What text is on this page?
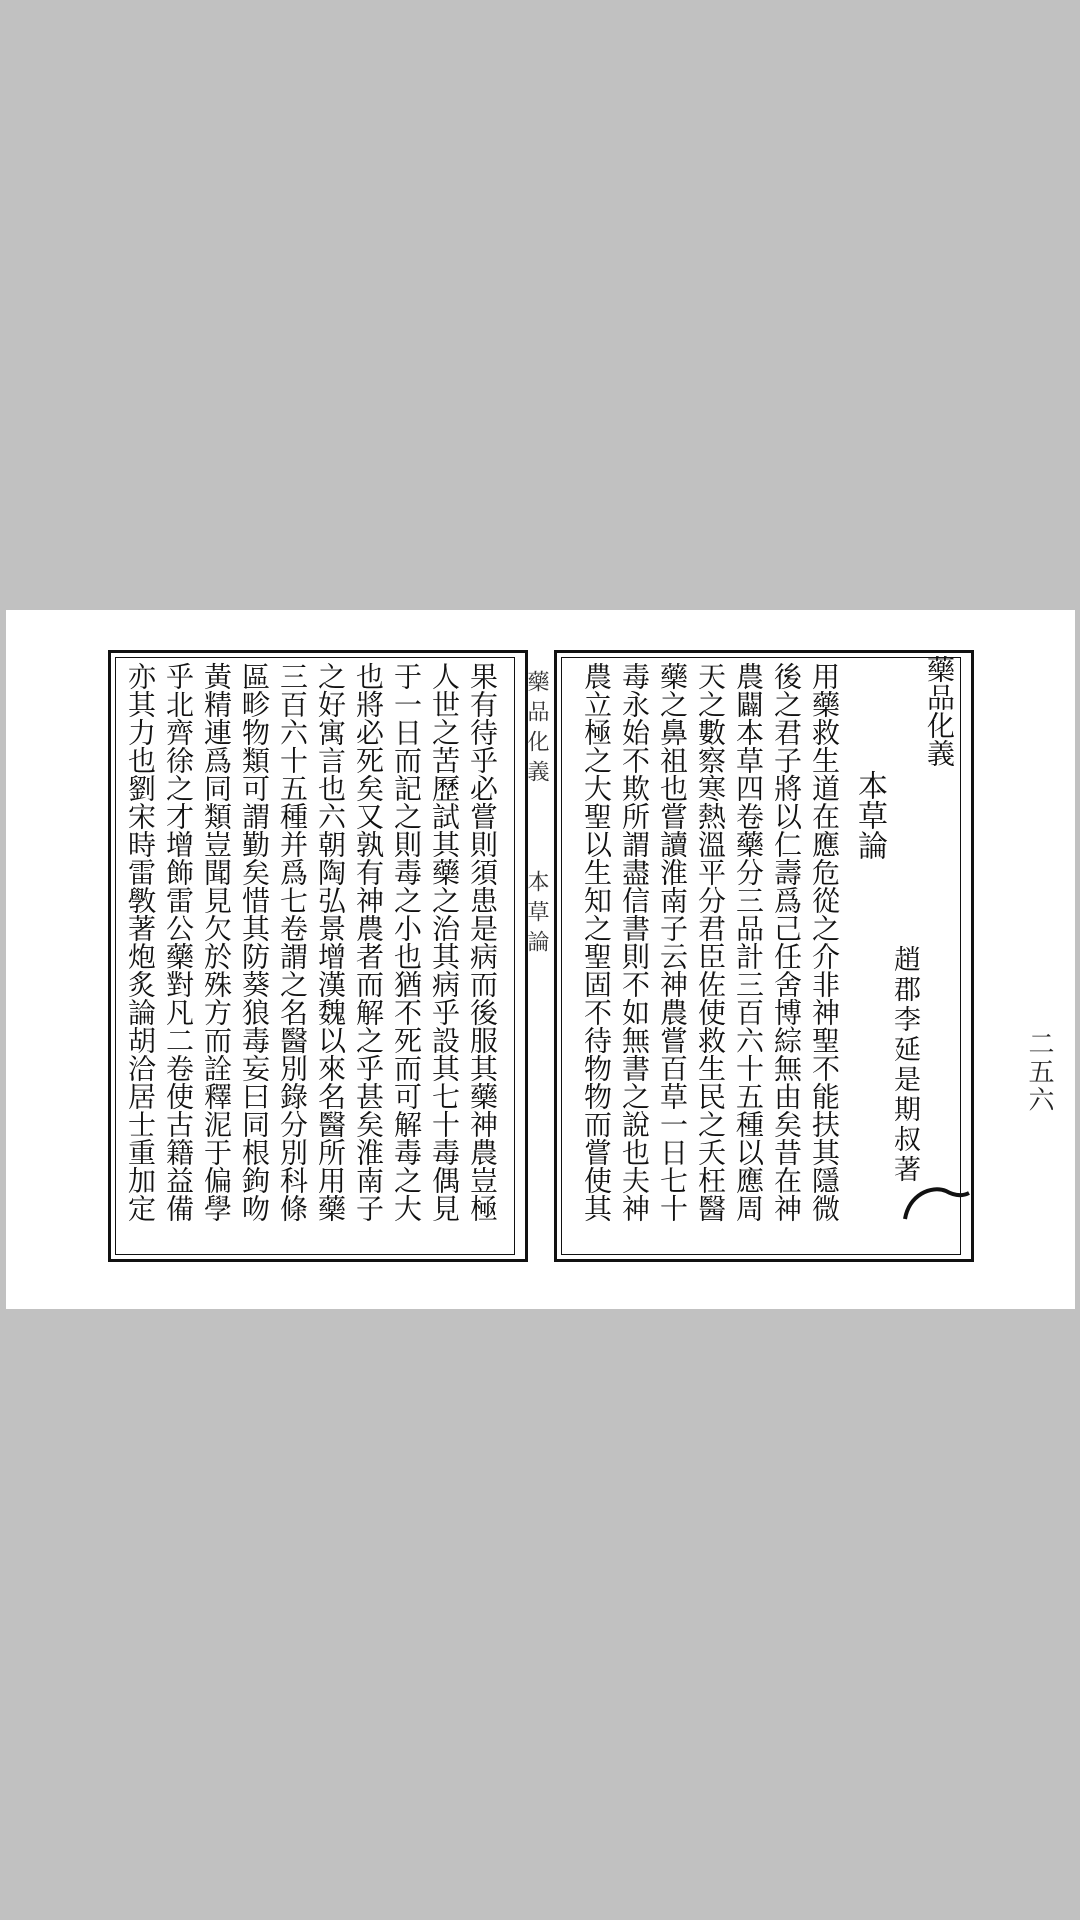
藥品化義
本草論
趙郡李延是期叔著
用藥救生道在應危從之介非神聖不能扶其隱微
後之君子將以仁壽爲己任舍博綜無由矣昔在神
農闢本草四卷藥分三品計三百六十五種以應周
天之數察寒熱溫平分君臣佐使救生民之夭枉醫
藥之鼻祖也嘗讀淮南子云神農嘗百草一日七十
毒永始不欺所謂盡信書則不如無書之說也夫神
農立極之大聖以生知之聖固不待物物而嘗使其
藥品化義
本草論
果有待乎必嘗則須患是病而後服其藥神農豈極
人世之苦歷試其藥之治其病乎設其七十毒偶見
于一日而記之則毒之小也猶不死而可解毒之大
也將必死矣又孰有神農者而解之乎甚矣淮南子
之好寓言也六朝陶弘景增漢魏以來名醫所用藥
三百六十五種并爲七卷謂之名醫別錄分別科條
區畛物類可謂勤矣惜其防葵狼毒妄曰同根鉤吻
黃精連爲同類豈聞見欠於殊方而詮釋泥于偏學
乎北齊徐之才增飾雷公藥對凡二卷使古籍益備
亦其力也劉宋時雷斆著炮炙論胡洽居士重加定	二五六
